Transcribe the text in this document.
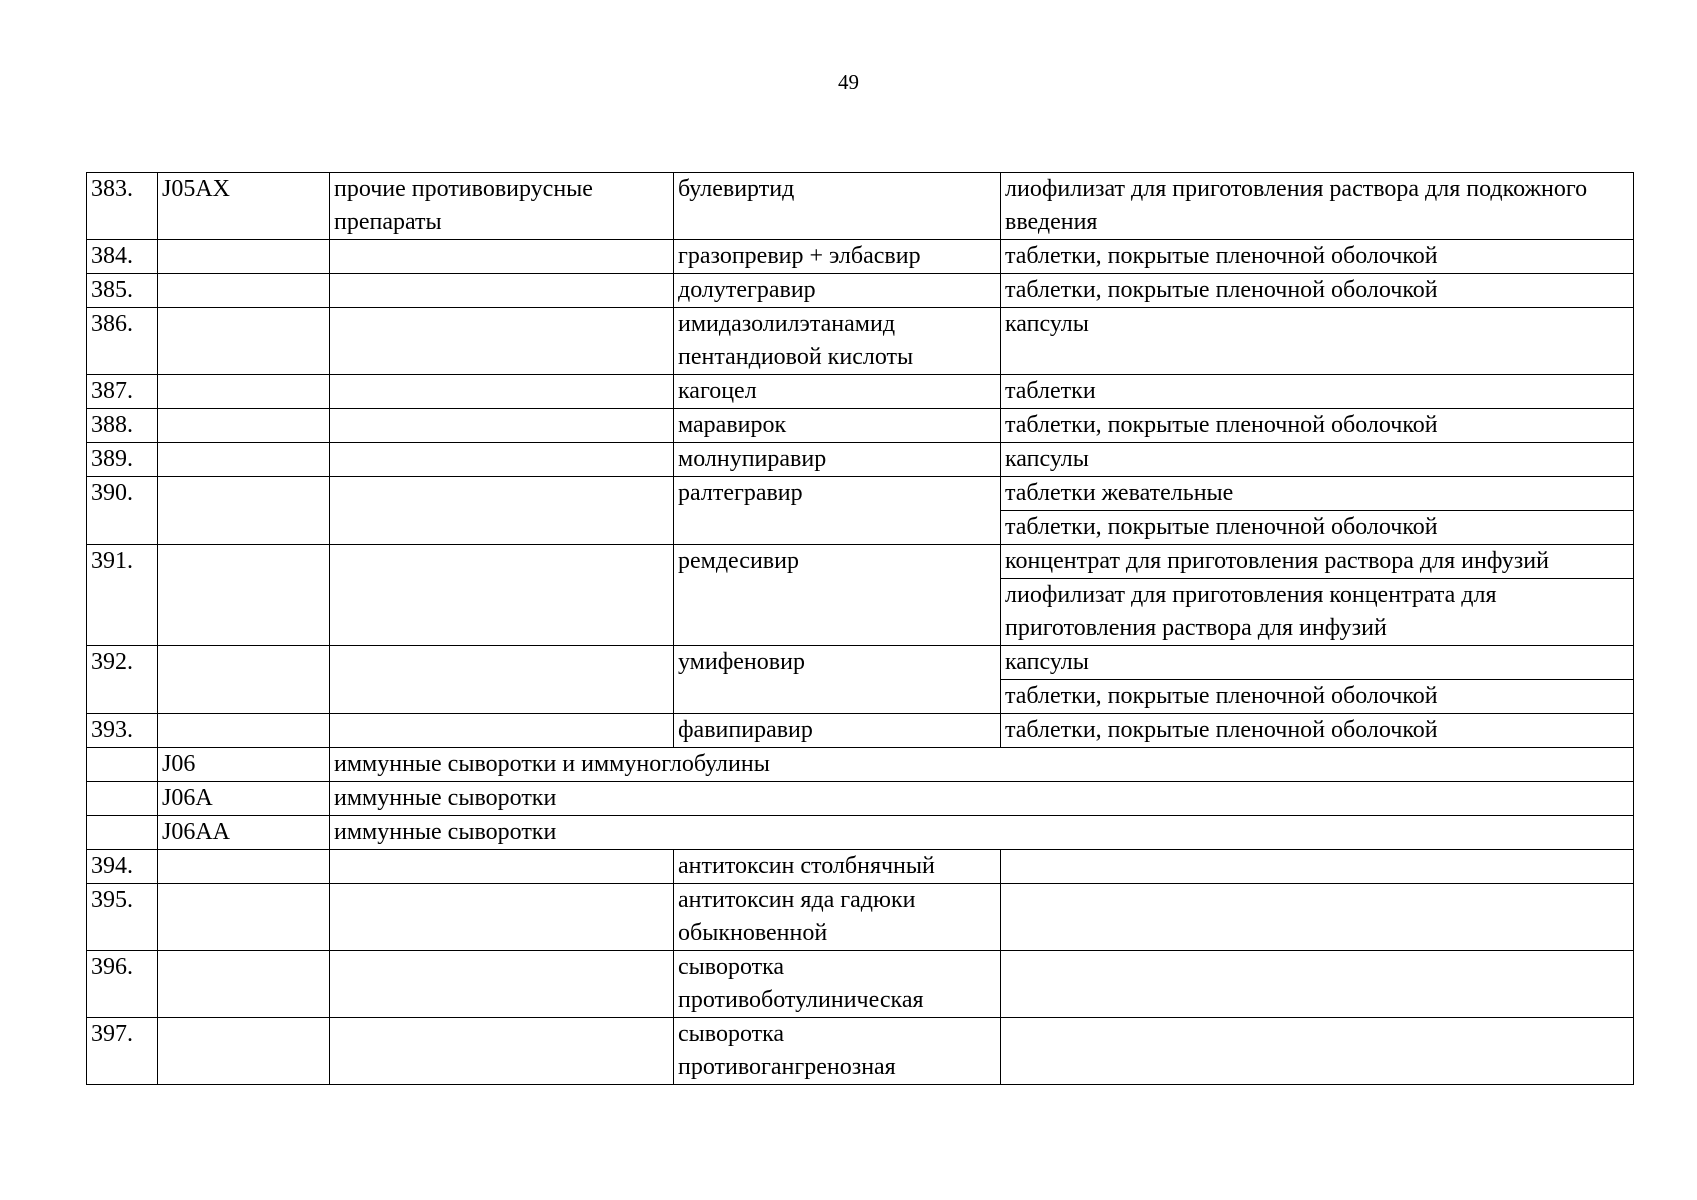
49
383.	J05AX	прочие противовирусные препараты	булевиртид	лиофилизат для приготовления раствора для подкожного введения
384.			гразопревир + элбасвир	таблетки, покрытые пленочной оболочкой
385.			долутегравир	таблетки, покрытые пленочной оболочкой
386.			имидазолилэтанамид пентандиовой кислоты	капсулы
387.			кагоцел	таблетки
388.			маравирок	таблетки, покрытые пленочной оболочкой
389.			молнупиравир	капсулы
390.			ралтегравир	таблетки жевательные
				таблетки, покрытые пленочной оболочкой
391.			ремдесивир	концентрат для приготовления раствора для инфузий
				лиофилизат для приготовления концентрата для приготовления раствора для инфузий
392.			умифеновир	капсулы
				таблетки, покрытые пленочной оболочкой
393.			фавипиравир	таблетки, покрытые пленочной оболочкой
	J06	иммунные сыворотки и иммуноглобулины		
	J06A	иммунные сыворотки		
	J06AA	иммунные сыворотки		
394.			антитоксин столбнячный	
395.			антитоксин яда гадюки обыкновенной	
396.			сыворотка противоботулиническая	
397.			сыворотка противогангренозная	
